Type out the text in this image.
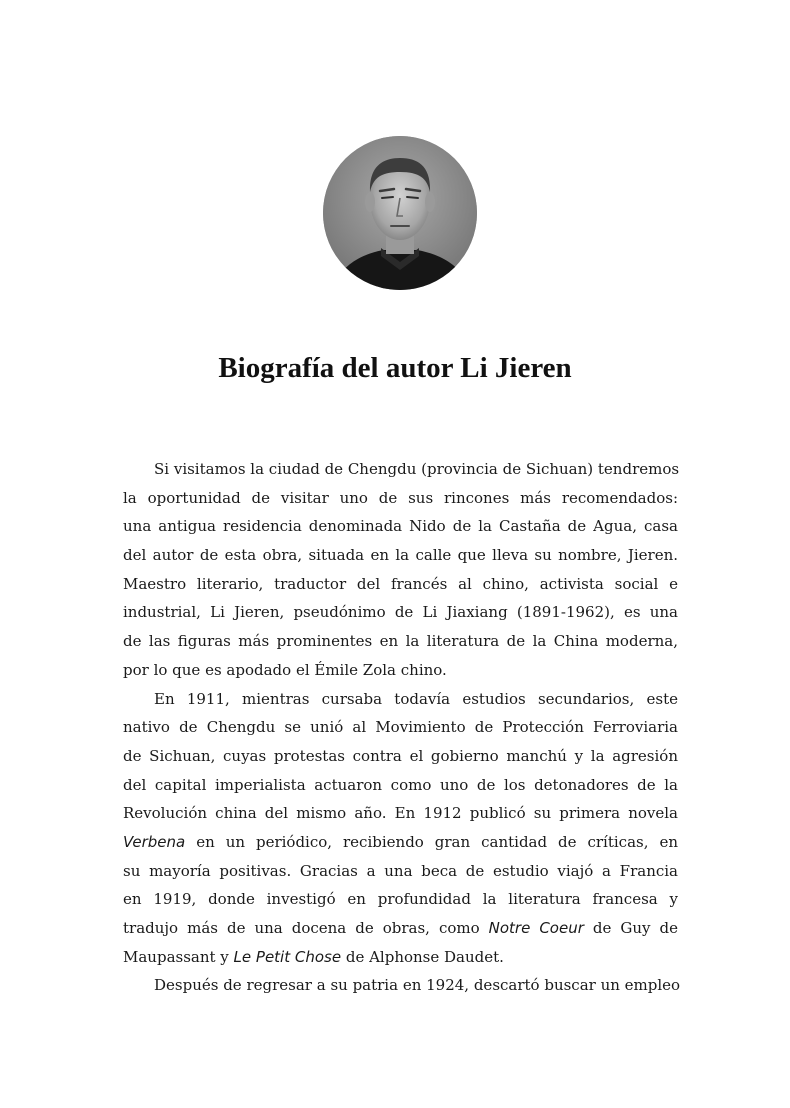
Biografía del autor Li Jieren
Si visitamos la ciudad de Chengdu (provincia de Sichuan) tendremos
la oportunidad de visitar uno de sus rincones más recomendados:
una antigua residencia denominada Nido de la Castaña de Agua, casa
del autor de esta obra, situada en la calle que lleva su nombre, Jieren.
Maestro literario, traductor del francés al chino, activista social e
industrial, Li Jieren, pseudónimo de Li Jiaxiang (1891-1962), es una
de las figuras más prominentes en la literatura de la China moderna,
por lo que es apodado el Émile Zola chino.
En 1911, mientras cursaba todavía estudios secundarios, este
nativo de Chengdu se unió al Movimiento de Protección Ferroviaria
de Sichuan, cuyas protestas contra el gobierno manchú y la agresión
del capital imperialista actuaron como uno de los detonadores de la
Revolución china del mismo año. En 1912 publicó su primera novela
Verbena en un periódico, recibiendo gran cantidad de críticas, en
su mayoría positivas. Gracias a una beca de estudio viajó a Francia
en 1919, donde investigó en profundidad la literatura francesa y
tradujo más de una docena de obras, como Notre Coeur de Guy de
Maupassant y Le Petit Chose de Alphonse Daudet.
Después de regresar a su patria en 1924, descartó buscar un empleo
